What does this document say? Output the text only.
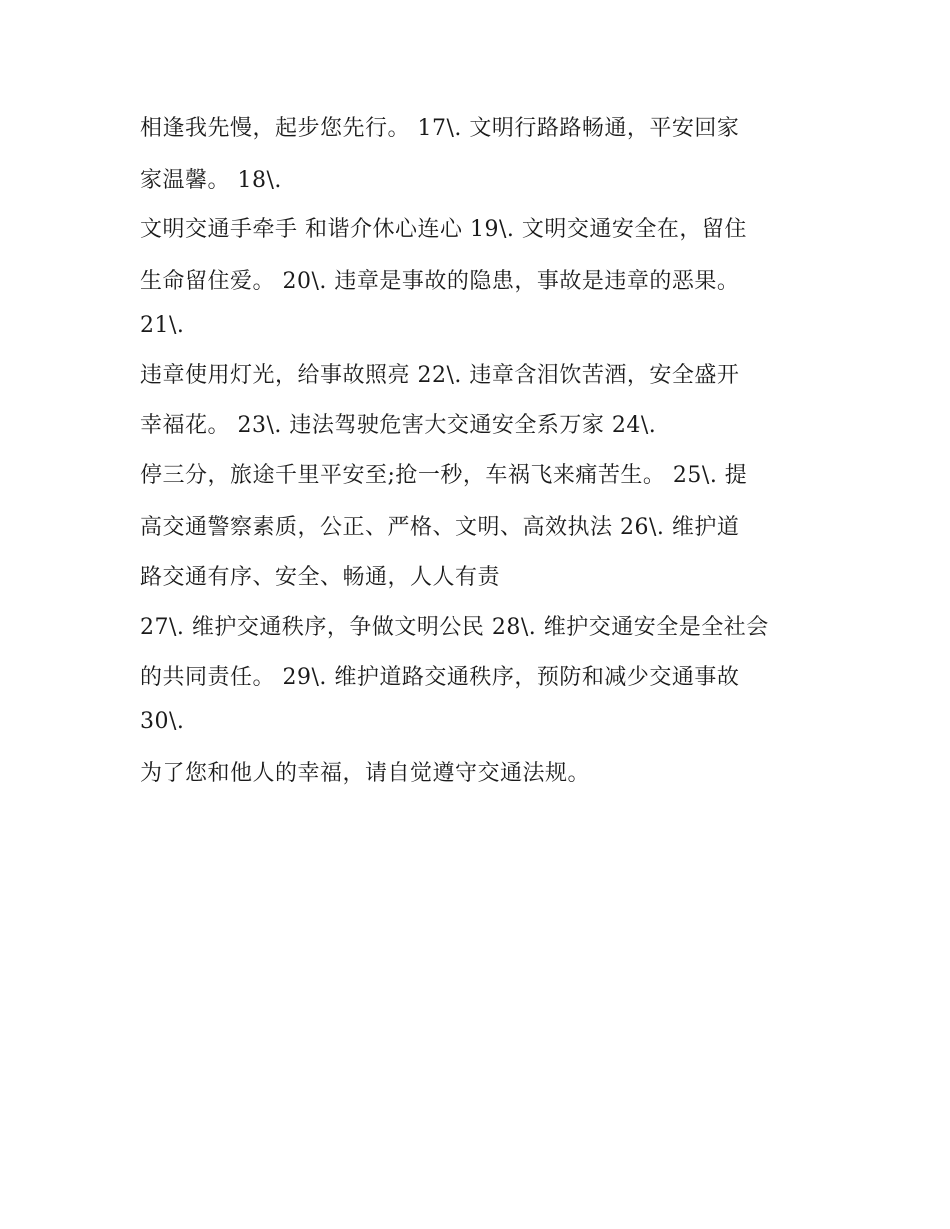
相逢我先慢，起步您先行。 17\. 文明行路路畅通，平安回家
家温馨。 18\.
文明交通手牵手 和谐介休心连心 19\. 文明交通安全在，留住
生命留住爱。 20\. 违章是事故的隐患，事故是违章的恶果。
21\.
违章使用灯光，给事故照亮 22\. 违章含泪饮苦酒，安全盛开
幸福花。 23\. 违法驾驶危害大交通安全系万家 24\.
停三分，旅途千里平安至;抢一秒，车祸飞来痛苦生。 25\. 提
高交通警察素质，公正、严格、文明、高效执法 26\. 维护道
路交通有序、安全、畅通，人人有责
27\. 维护交通秩序，争做文明公民 28\. 维护交通安全是全社会
的共同责任。 29\. 维护道路交通秩序，预防和减少交通事故
30\.
为了您和他人的幸福，请自觉遵守交通法规。
